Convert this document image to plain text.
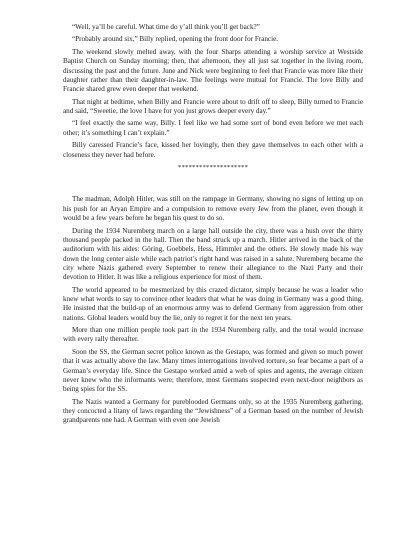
“Well, ya’ll be careful. What time do y’all think you’ll get back?”

“Probably around six,” Billy replied, opening the front door for Francie.

The weekend slowly melted away, with the four Sharps attending a worship service at Westside Baptist Church on Sunday morning; then, that afternoon, they all just sat together in the living room, discussing the past and the future. June and Nick were beginning to feel that Francie was more like their daughter rather than their daughter-in-law. The feelings were mutual for Francie. The love Billy and Francie shared grew even deeper that weekend.

That night at bedtime, when Billy and Francie were about to drift off to sleep, Billy turned to Francie and said, “Sweetie, the love I have for you just grows deeper every day.”

“I feel exactly the same way, Billy. I feel like we had some sort of bond even before we met each other; it’s something I can’t explain.”

Billy caressed Francie’s face, kissed her lovingly, then they gave themselves to each other with a closeness they never had before.

********************

The madman, Adolph Hitler, was still on the rampage in Germany, showing no signs of letting up on his push for an Aryan Empire and a compulsion to remove every Jew from the planet, even though it would be a few years before he began his quest to do so.

During the 1934 Nuremberg march on a large hall outside the city, there was a hush over the thirty thousand people packed in the hall. Then the band struck up a march. Hitler arrived in the back of the auditorium with his aides: Göring, Goebbels, Hess, Himmler and the others. He slowly made his way down the long center aisle while each patriot’s right hand was raised in a salute. Nuremberg became the city where Nazis gathered every September to renew their allegiance to the Nazi Party and their devotion to Hitler. It was like a religious experience for most of them.

The world appeared to be mesmerized by this crazed dictator, simply because he was a leader who knew what words to say to convince other leaders that what he was doing in Germany was a good thing. He insisted that the build-up of an enormous army was to defend Germany from aggression from other nations. Global leaders would buy the lie, only to regret it for the next ten years.

More than one million people took part in the 1934 Nuremberg rally, and the total would increase with every rally thereafter.

Soon the SS, the German secret police known as the Gestapo, was formed and given so much power that it was actually above the law. Many times interrogations involved torture, so fear became a part of a German’s everyday life. Since the Gestapo worked amid a web of spies and agents, the average citizen never knew who the informants were; therefore, most Germans suspected even next-door neighbors as being spies for the SS.

The Nazis wanted a Germany for pureblooded Germans only, so at the 1935 Nuremberg gathering, they concocted a litany of laws regarding the “Jewishness” of a German based on the number of Jewish grandparents one had. A German with even one Jewish
